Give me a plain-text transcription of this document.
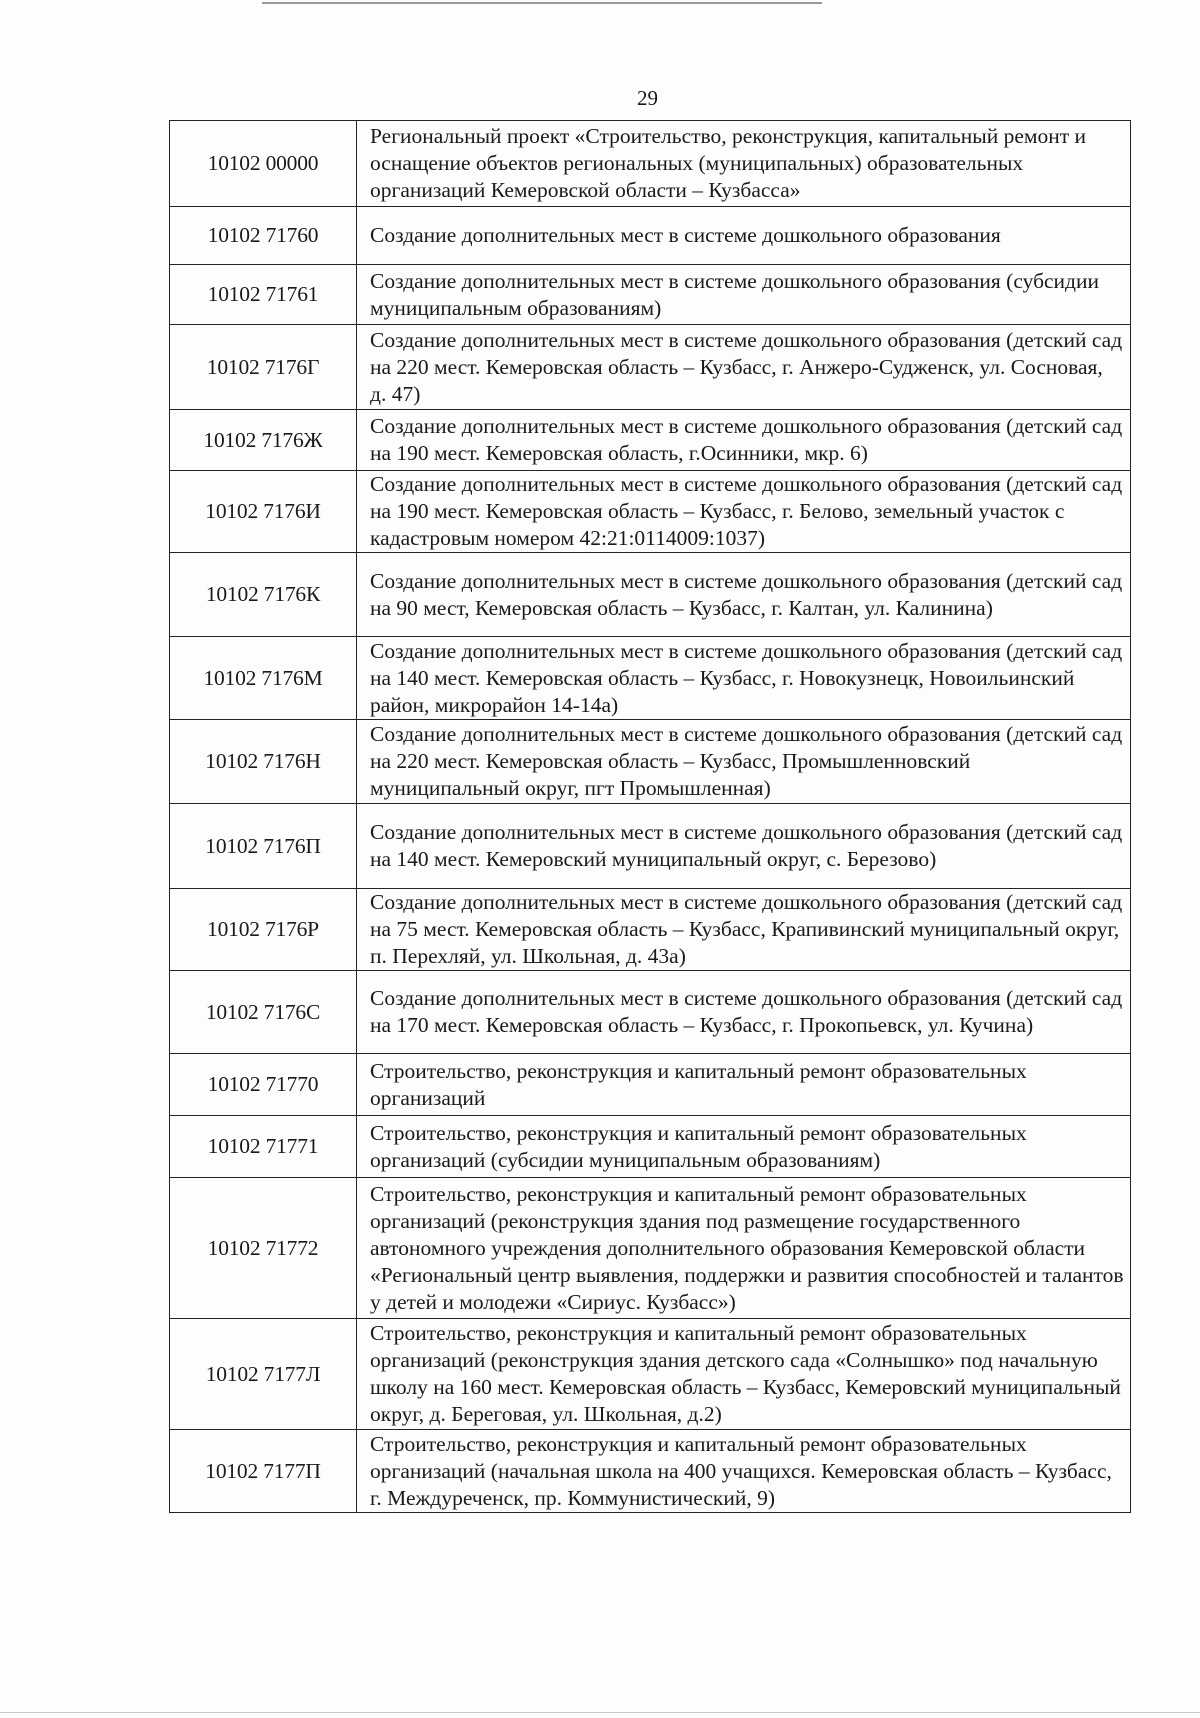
29
10102 00000	Региональный проект «Строительство, реконструкция, капитальный ремонт и оснащение объектов региональных (муниципальных) образовательных организаций Кемеровской области – Кузбасса»

10102 71760	Создание дополнительных мест в системе дошкольного образования

10102 71761	Создание дополнительных мест в системе дошкольного образования (субсидии муниципальным образованиям)

10102 7176Г	Создание дополнительных мест в системе дошкольного образования (детский сад на 220 мест. Кемеровская область – Кузбасс, г. Анжеро-Судженск, ул. Сосновая, д. 47)

10102 7176Ж	Создание дополнительных мест в системе дошкольного образования (детский сад на 190 мест. Кемеровская область, г.Осинники, мкр. 6)

10102 7176И	Создание дополнительных мест в системе дошкольного образования (детский сад на 190 мест. Кемеровская область – Кузбасс, г. Белово, земельный участок с кадастровым номером 42:21:0114009:1037)

10102 7176К	Создание дополнительных мест в системе дошкольного образования (детский сад на 90 мест, Кемеровская область – Кузбасс, г. Калтан, ул. Калинина)

10102 7176М	Создание дополнительных мест в системе дошкольного образования (детский сад на 140 мест. Кемеровская область – Кузбасс, г. Новокузнецк, Новоильинский район, микрорайон 14-14а)

10102 7176Н	Создание дополнительных мест в системе дошкольного образования (детский сад на 220 мест. Кемеровская область – Кузбасс, Промышленновский муниципальный округ, пгт Промышленная)

10102 7176П	Создание дополнительных мест в системе дошкольного образования (детский сад на 140 мест. Кемеровский муниципальный округ, с. Березово)

10102 7176Р	Создание дополнительных мест в системе дошкольного образования (детский сад на 75 мест. Кемеровская область – Кузбасс, Крапивинский муниципальный округ, п. Перехляй, ул. Школьная, д. 43а)

10102 7176С	Создание дополнительных мест в системе дошкольного образования (детский сад на 170 мест. Кемеровская область – Кузбасс, г. Прокопьевск, ул. Кучина)

10102 71770	Строительство, реконструкция и капитальный ремонт образовательных организаций

10102 71771	Строительство, реконструкция и капитальный ремонт образовательных организаций (субсидии муниципальным образованиям)

10102 71772	Строительство, реконструкция и капитальный ремонт образовательных организаций (реконструкция здания под размещение государственного автономного учреждения дополнительного образования Кемеровской области «Региональный центр выявления, поддержки и развития способностей и талантов у детей и молодежи «Сириус. Кузбасс»)

10102 7177Л	Строительство, реконструкция и капитальный ремонт образовательных организаций (реконструкция здания детского сада «Солнышко» под начальную школу на 160 мест. Кемеровская область – Кузбасс, Кемеровский муниципальный округ, д. Береговая, ул. Школьная, д.2)

10102 7177П	Строительство, реконструкция и капитальный ремонт образовательных организаций (начальная школа на 400 учащихся. Кемеровская область – Кузбасс, г. Междуреченск, пр. Коммунистический, 9)
